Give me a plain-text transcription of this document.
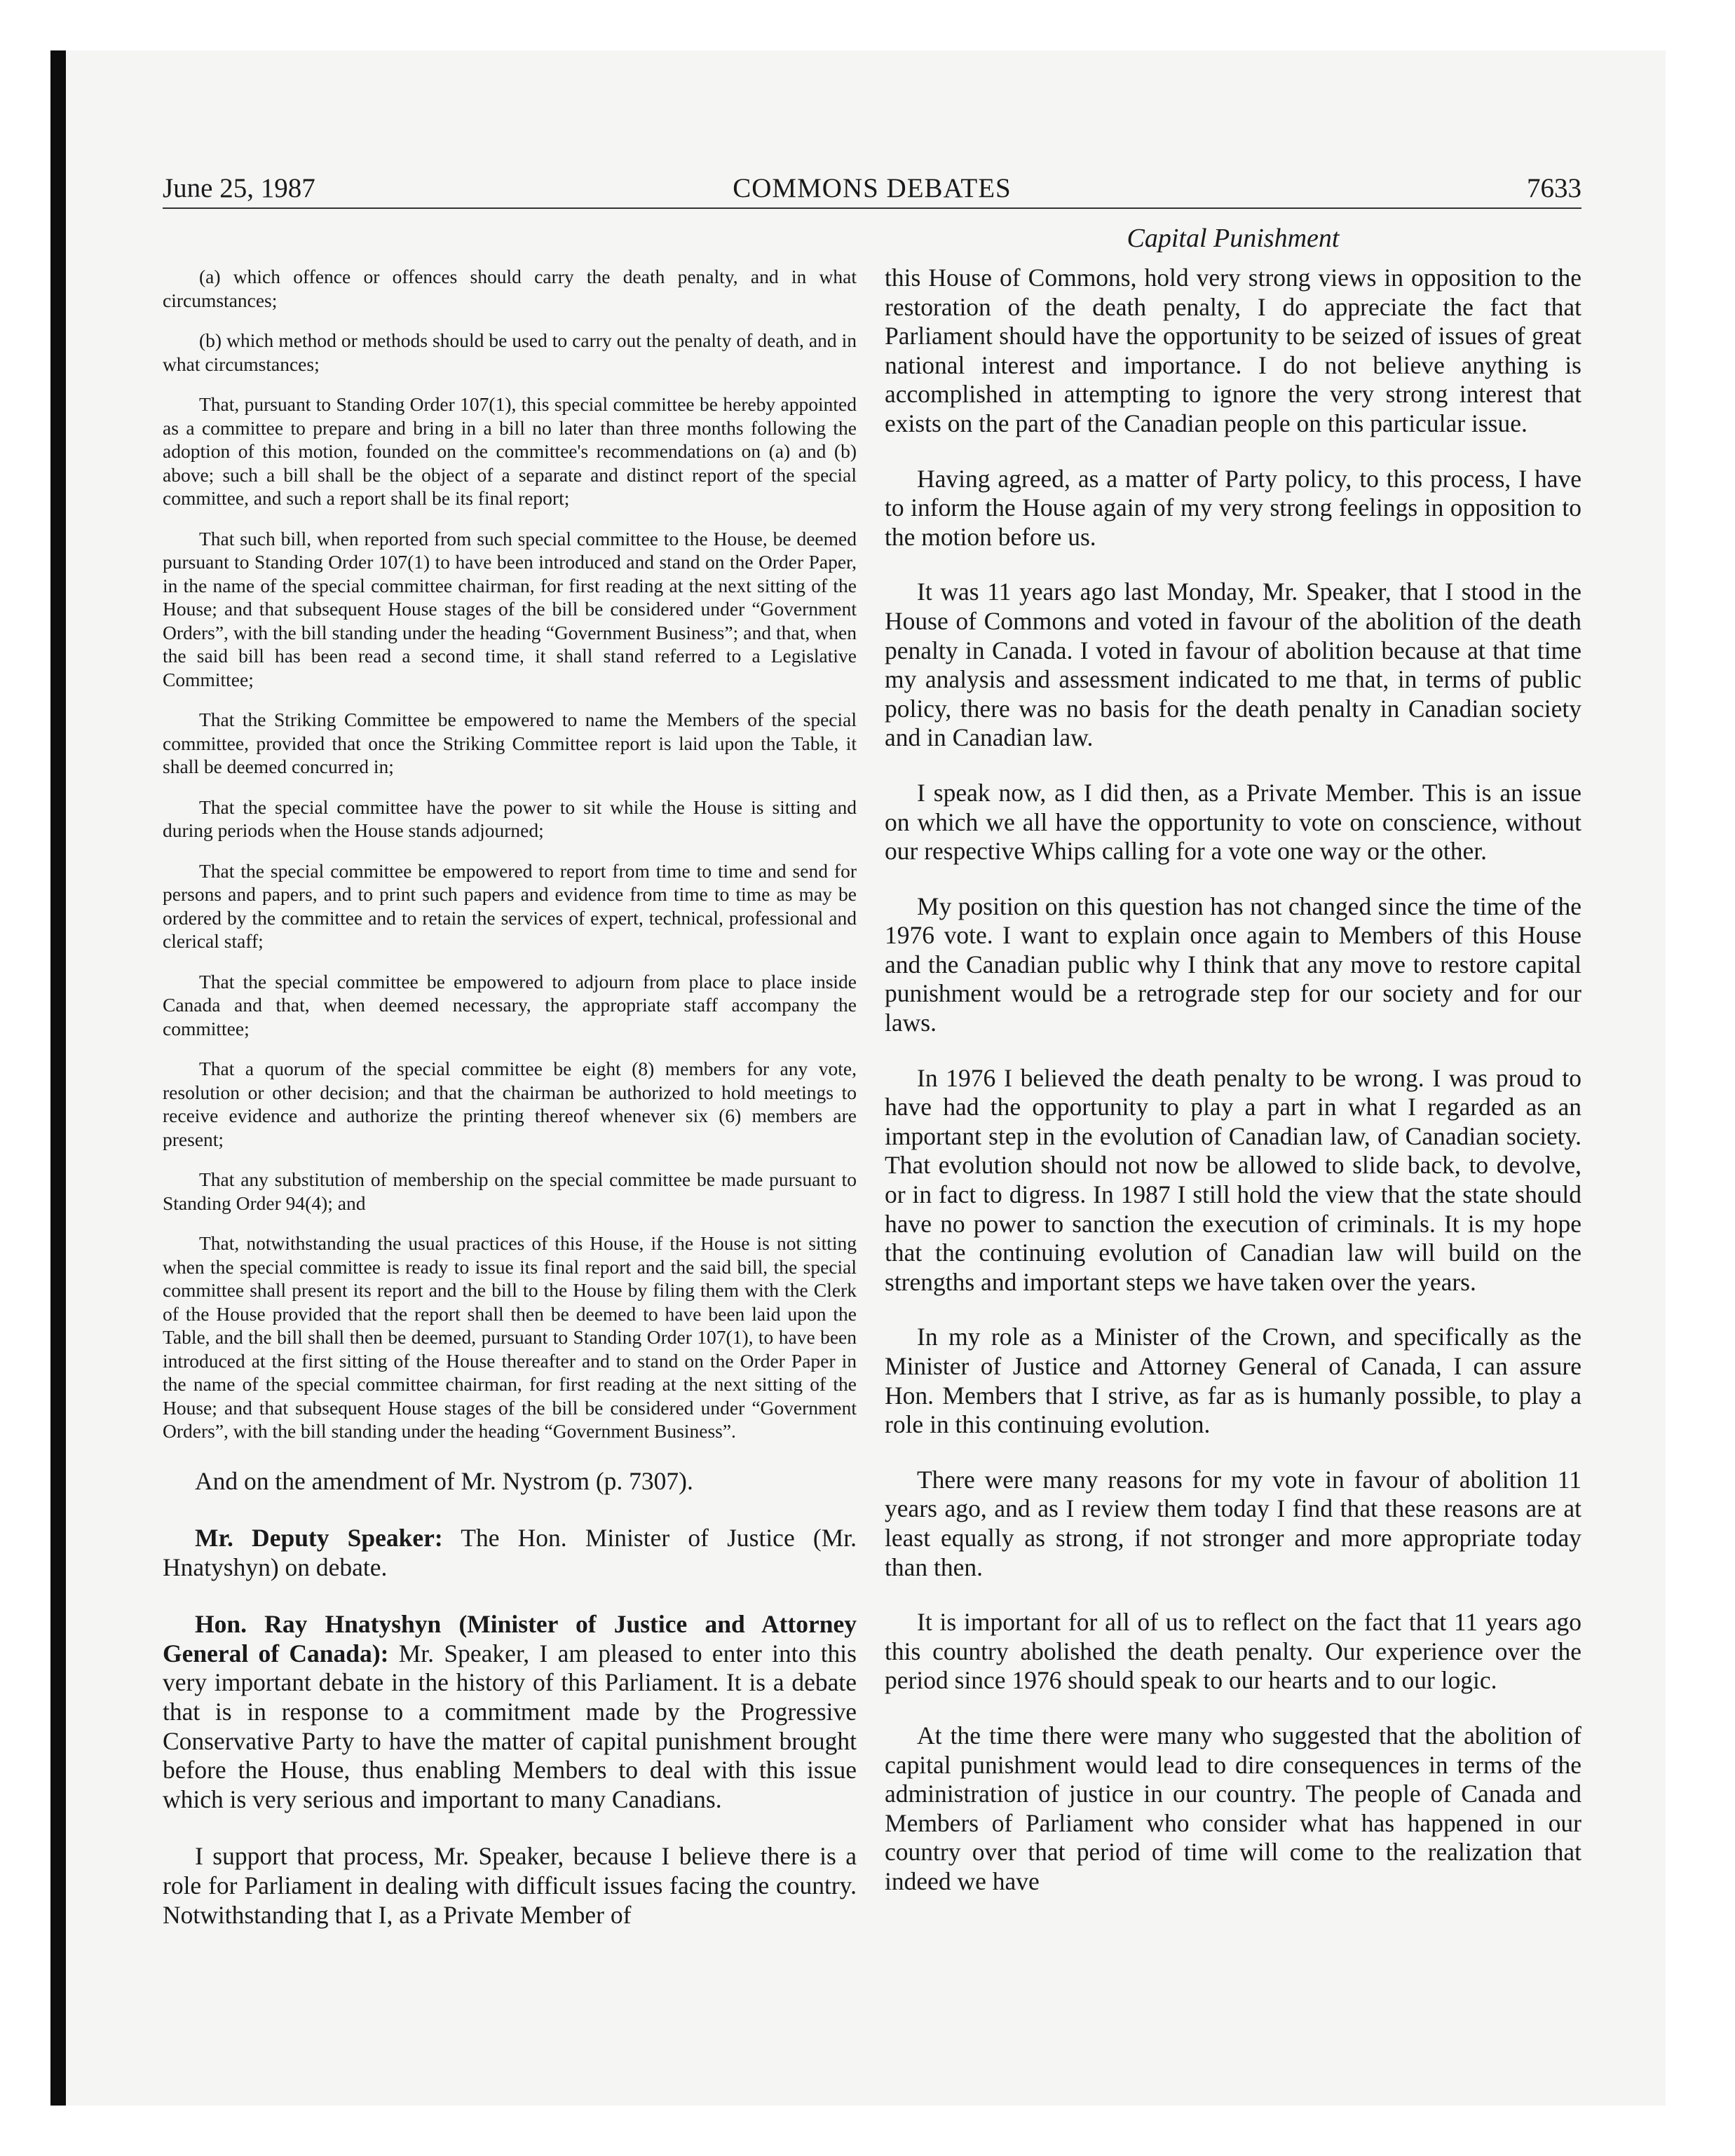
June 25, 1987	COMMONS DEBATES	7633

(a) which offence or offences should carry the death penalty, and in what circumstances;

(b) which method or methods should be used to carry out the penalty of death, and in what circumstances;

That, pursuant to Standing Order 107(1), this special committee be hereby appointed as a committee to prepare and bring in a bill no later than three months following the adoption of this motion, founded on the committee's recommendations on (a) and (b) above; such a bill shall be the object of a separate and distinct report of the special committee, and such a report shall be its final report;

That such bill, when reported from such special committee to the House, be deemed pursuant to Standing Order 107(1) to have been introduced and stand on the Order Paper, in the name of the special committee chairman, for first reading at the next sitting of the House; and that subsequent House stages of the bill be considered under “Government Orders”, with the bill standing under the heading “Government Business”; and that, when the said bill has been read a second time, it shall stand referred to a Legislative Committee;

That the Striking Committee be empowered to name the Members of the special committee, provided that once the Striking Committee report is laid upon the Table, it shall be deemed concurred in;

That the special committee have the power to sit while the House is sitting and during periods when the House stands adjourned;

That the special committee be empowered to report from time to time and send for persons and papers, and to print such papers and evidence from time to time as may be ordered by the committee and to retain the services of expert, technical, professional and clerical staff;

That the special committee be empowered to adjourn from place to place inside Canada and that, when deemed necessary, the appropriate staff accompany the committee;

That a quorum of the special committee be eight (8) members for any vote, resolution or other decision; and that the chairman be authorized to hold meetings to receive evidence and authorize the printing thereof whenever six (6) members are present;

That any substitution of membership on the special committee be made pursuant to Standing Order 94(4); and

That, notwithstanding the usual practices of this House, if the House is not sitting when the special committee is ready to issue its final report and the said bill, the special committee shall present its report and the bill to the House by filing them with the Clerk of the House provided that the report shall then be deemed to have been laid upon the Table, and the bill shall then be deemed, pursuant to Standing Order 107(1), to have been introduced at the first sitting of the House thereafter and to stand on the Order Paper in the name of the special committee chairman, for first reading at the next sitting of the House; and that subsequent House stages of the bill be considered under “Government Orders”, with the bill standing under the heading “Government Business”.

And on the amendment of Mr. Nystrom (p. 7307).

Mr. Deputy Speaker: The Hon. Minister of Justice (Mr. Hnatyshyn) on debate.

Hon. Ray Hnatyshyn (Minister of Justice and Attorney General of Canada): Mr. Speaker, I am pleased to enter into this very important debate in the history of this Parliament. It is a debate that is in response to a commitment made by the Progressive Conservative Party to have the matter of capital punishment brought before the House, thus enabling Members to deal with this issue which is very serious and important to many Canadians.

I support that process, Mr. Speaker, because I believe there is a role for Parliament in dealing with difficult issues facing the country. Notwithstanding that I, as a Private Member of

Capital Punishment

this House of Commons, hold very strong views in opposition to the restoration of the death penalty, I do appreciate the fact that Parliament should have the opportunity to be seized of issues of great national interest and importance. I do not believe anything is accomplished in attempting to ignore the very strong interest that exists on the part of the Canadian people on this particular issue.

Having agreed, as a matter of Party policy, to this process, I have to inform the House again of my very strong feelings in opposition to the motion before us.

It was 11 years ago last Monday, Mr. Speaker, that I stood in the House of Commons and voted in favour of the abolition of the death penalty in Canada. I voted in favour of abolition because at that time my analysis and assessment indicated to me that, in terms of public policy, there was no basis for the death penalty in Canadian society and in Canadian law.

I speak now, as I did then, as a Private Member. This is an issue on which we all have the opportunity to vote on conscience, without our respective Whips calling for a vote one way or the other.

My position on this question has not changed since the time of the 1976 vote. I want to explain once again to Members of this House and the Canadian public why I think that any move to restore capital punishment would be a retrograde step for our society and for our laws.

In 1976 I believed the death penalty to be wrong. I was proud to have had the opportunity to play a part in what I regarded as an important step in the evolution of Canadian law, of Canadian society. That evolution should not now be allowed to slide back, to devolve, or in fact to digress. In 1987 I still hold the view that the state should have no power to sanction the execution of criminals. It is my hope that the continuing evolution of Canadian law will build on the strengths and important steps we have taken over the years.

In my role as a Minister of the Crown, and specifically as the Minister of Justice and Attorney General of Canada, I can assure Hon. Members that I strive, as far as is humanly possible, to play a role in this continuing evolution.

There were many reasons for my vote in favour of abolition 11 years ago, and as I review them today I find that these reasons are at least equally as strong, if not stronger and more appropriate today than then.

It is important for all of us to reflect on the fact that 11 years ago this country abolished the death penalty. Our experience over the period since 1976 should speak to our hearts and to our logic.

At the time there were many who suggested that the abolition of capital punishment would lead to dire consequences in terms of the administration of justice in our country. The people of Canada and Members of Parliament who consider what has happened in our country over that period of time will come to the realization that indeed we have
